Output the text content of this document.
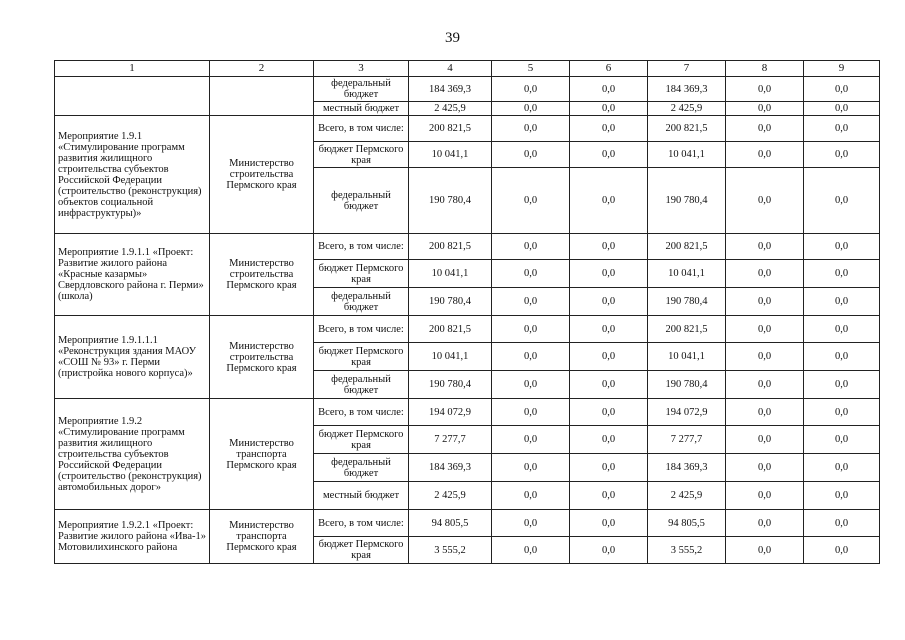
39
1	2	3	4	5	6	7	8	9
		федеральный бюджет	184 369,3	0,0	0,0	184 369,3	0,0	0,0
		местный бюджет	2 425,9	0,0	0,0	2 425,9	0,0	0,0
Мероприятие 1.9.1 «Стимулирование программ развития жилищного строительства субъектов Российской Федерации (строительство (реконструкция) объектов социальной инфраструктуры)»	Министерство строительства Пермского края	Всего, в том числе:	200 821,5	0,0	0,0	200 821,5	0,0	0,0
		бюджет Пермского края	10 041,1	0,0	0,0	10 041,1	0,0	0,0
		федеральный бюджет	190 780,4	0,0	0,0	190 780,4	0,0	0,0
Мероприятие 1.9.1.1 «Проект: Развитие жилого района «Красные казармы» Свердловского района г. Перми» (школа)	Министерство строительства Пермского края	Всего, в том числе:	200 821,5	0,0	0,0	200 821,5	0,0	0,0
		бюджет Пермского края	10 041,1	0,0	0,0	10 041,1	0,0	0,0
		федеральный бюджет	190 780,4	0,0	0,0	190 780,4	0,0	0,0
Мероприятие 1.9.1.1.1 «Реконструкция здания МАОУ «СОШ № 93» г. Перми (пристройка нового корпуса)»	Министерство строительства Пермского края	Всего, в том числе:	200 821,5	0,0	0,0	200 821,5	0,0	0,0
		бюджет Пермского края	10 041,1	0,0	0,0	10 041,1	0,0	0,0
		федеральный бюджет	190 780,4	0,0	0,0	190 780,4	0,0	0,0
Мероприятие 1.9.2 «Стимулирование программ развития жилищного строительства субъектов Российской Федерации (строительство (реконструкция) автомобильных дорог»	Министерство транспорта Пермского края	Всего, в том числе:	194 072,9	0,0	0,0	194 072,9	0,0	0,0
		бюджет Пермского края	7 277,7	0,0	0,0	7 277,7	0,0	0,0
		федеральный бюджет	184 369,3	0,0	0,0	184 369,3	0,0	0,0
		местный бюджет	2 425,9	0,0	0,0	2 425,9	0,0	0,0
Мероприятие 1.9.2.1 «Проект: Развитие жилого района «Ива-1» Мотовилихинского района	Министерство транспорта Пермского края	Всего, в том числе:	94 805,5	0,0	0,0	94 805,5	0,0	0,0
		бюджет Пермского края	3 555,2	0,0	0,0	3 555,2	0,0	0,0
